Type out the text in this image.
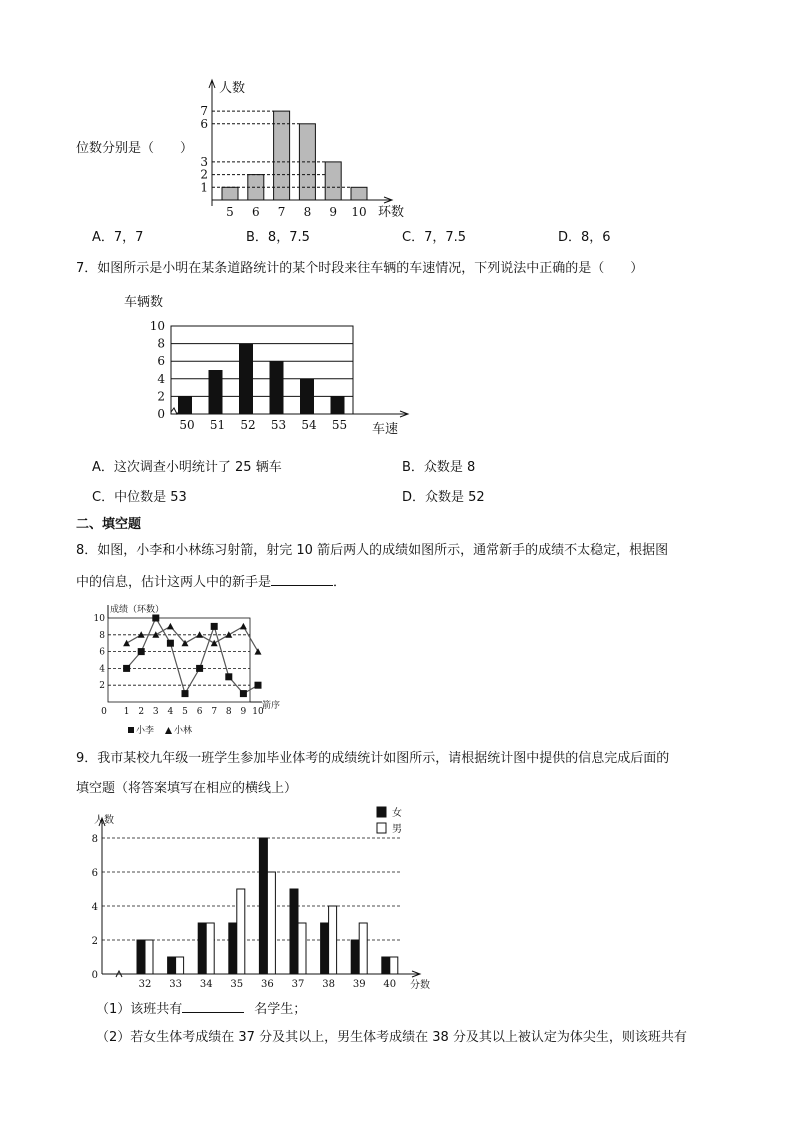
位数分别是（　　）
人数
环数
5 6 7 8 9 10
1
2
3
6
7
A．7，7	B．8，7.5	C．7，7.5	D．8，6
7．如图所示是小明在某条道路统计的某个时段来往车辆的车速情况，下列说法中正确的是（　　）
0
2
4
6
8
10
车辆数
车速
50 51 52 53 54 55
A．这次调查小明统计了 25 辆车	B．众数是 8
C．中位数是 53	D．众数是 52
二、填空题
8．如图，小李和小林练习射箭，射完 10 箭后两人的成绩如图所示，通常新手的成绩不太稳定，根据图
中的信息，估计这两人中的新手是	．
2
4
6
8
10
成绩（环数）
箭序
0 1 2 3 4 5 6 7 8 9 10
小李 小林
9．我市某校九年级一班学生参加毕业体考的成绩统计如图所示，请根据统计图中提供的信息完成后面的
填空题（将答案填写在相应的横线上）
人数
分数
0
2
4
6
8
32 33 34 35 36 37 38 39 40
女
男
（1）该班共有	名学生；
（2）若女生体考成绩在 37 分及其以上，男生体考成绩在 38 分及其以上被认定为体尖生，则该班共有
